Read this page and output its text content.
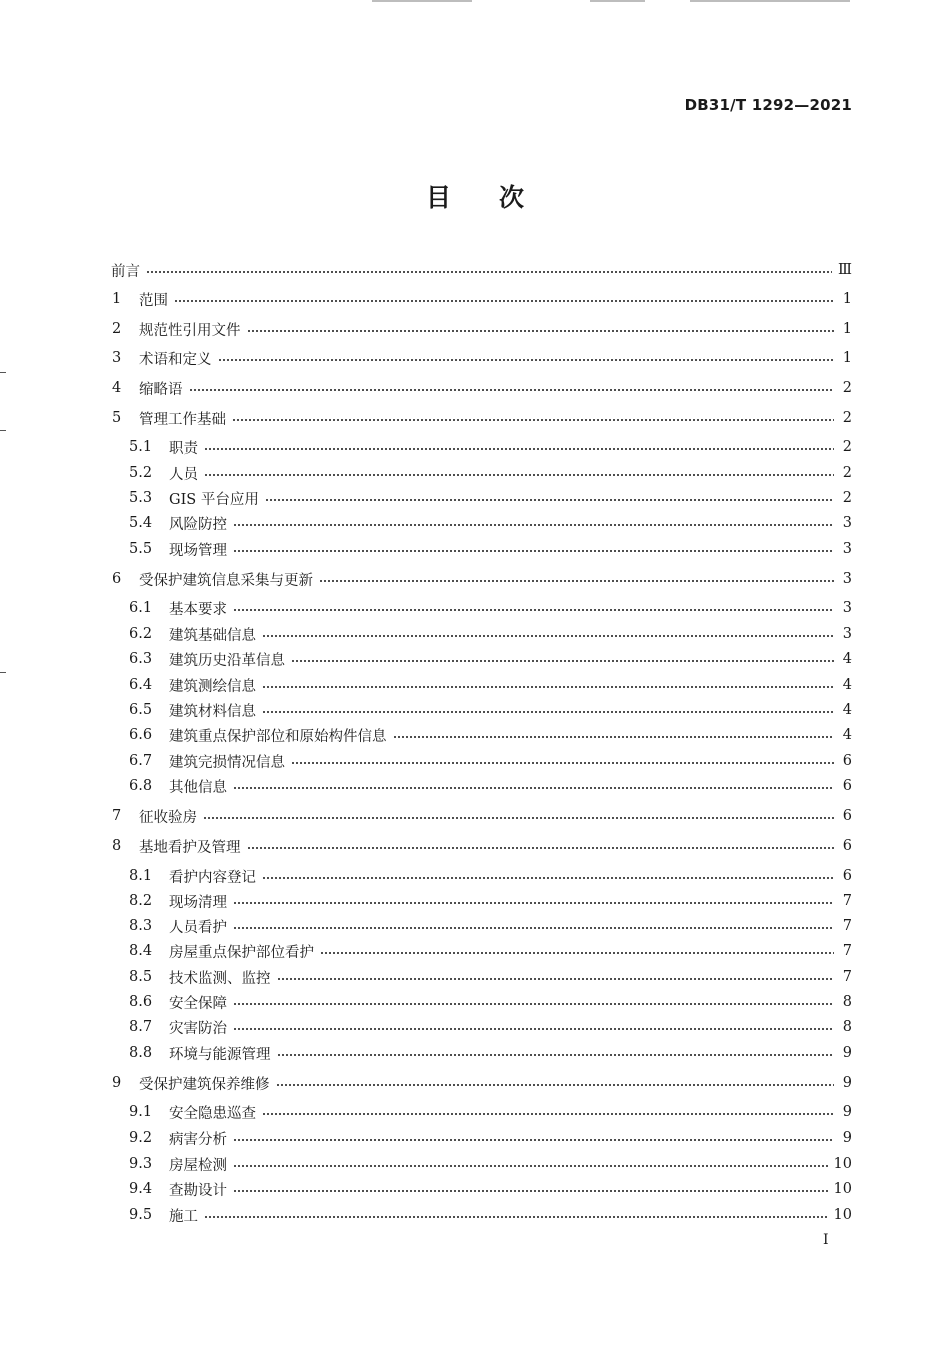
DB31/T 1292—2021
目 次
前言	Ⅲ
1	范围	1
2	规范性引用文件	1
3	术语和定义	1
4	缩略语	2
5	管理工作基础	2
5.1	职责	2
5.2	人员	2
5.3	GIS 平台应用	2
5.4	风险防控	3
5.5	现场管理	3
6	受保护建筑信息采集与更新	3
6.1	基本要求	3
6.2	建筑基础信息	3
6.3	建筑历史沿革信息	4
6.4	建筑测绘信息	4
6.5	建筑材料信息	4
6.6	建筑重点保护部位和原始构件信息	4
6.7	建筑完损情况信息	6
6.8	其他信息	6
7	征收验房	6
8	基地看护及管理	6
8.1	看护内容登记	6
8.2	现场清理	7
8.3	人员看护	7
8.4	房屋重点保护部位看护	7
8.5	技术监测、监控	7
8.6	安全保障	8
8.7	灾害防治	8
8.8	环境与能源管理	9
9	受保护建筑保养维修	9
9.1	安全隐患巡查	9
9.2	病害分析	9
9.3	房屋检测	10
9.4	查勘设计	10
9.5	施工	10
I
